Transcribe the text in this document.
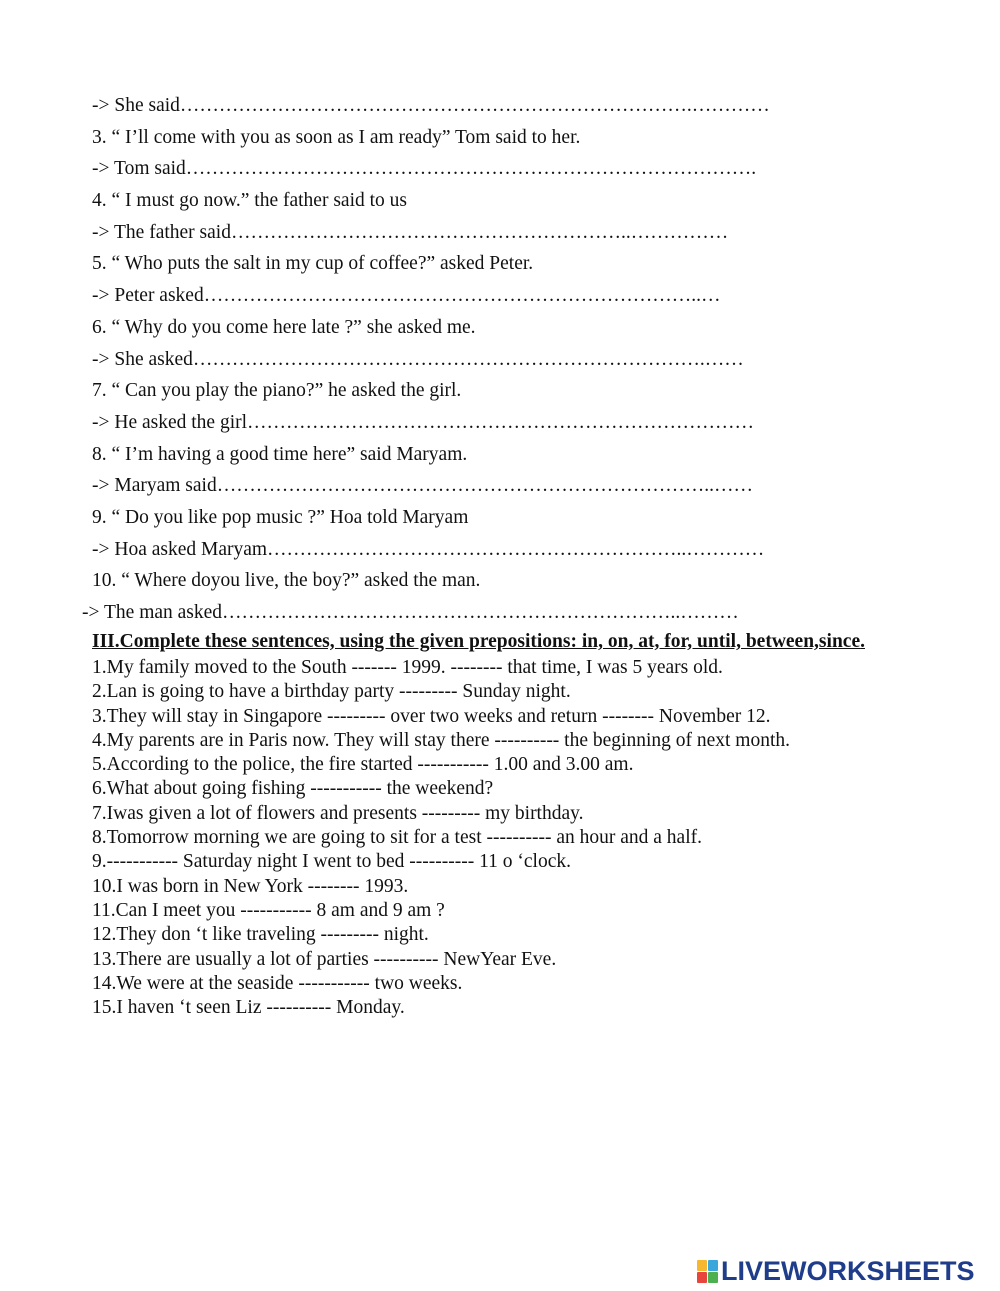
-> She said…………………………………………………………………….…………
3. “ I’ll come with you as soon as I am ready” Tom said to her.
-> Tom said…………………………………………………………………………….
4. “ I must go now.” the father said to us
-> The father said……………………………………………………..……………
5. “ Who puts the salt in my cup of coffee?” asked Peter.
-> Peter asked…………………………………………………………………..…
6. “ Why do you come here late ?” she asked me.
-> She asked…………………………………………………………………….……
7. “ Can you play the piano?” he asked the girl.
-> He asked the girl……………………………………………………………………
8. “ I’m having a good time here” said Maryam.
-> Maryam said…………………………………………………………………..……
9. “ Do you like pop music ?” Hoa told Maryam
-> Hoa asked Maryam………………………………………………………..…………
10. “ Where doyou live, the boy?” asked the man.
-> The man asked……………………………………………………………..………

III.Complete these sentences, using the given prepositions: in, on, at, for, until, between,since.

1.My family moved to the South ------- 1999. -------- that time, I was 5 years old.
2.Lan is going to have a birthday party --------- Sunday night.
3.They will stay in Singapore --------- over two weeks and return -------- November 12.
4.My parents are in Paris now. They will stay there ---------- the beginning of next month.
5.According to the police, the fire started ----------- 1.00 and 3.00 am.
6.What about going fishing ----------- the weekend?
7.Iwas given a lot of flowers and presents --------- my birthday.
8.Tomorrow morning we are going to sit for a test ---------- an hour and a half.
9.----------- Saturday night I went to bed ---------- 11 o ‘clock.
10.I was born in New York -------- 1993.
11.Can I meet you ----------- 8 am and 9 am ?
12.They don ‘t like traveling --------- night.
13.There are usually a lot of parties ---------- NewYear Eve.
14.We were at the seaside ----------- two weeks.
15.I haven ‘t seen Liz ---------- Monday.
LIVEWORKSHEETS
